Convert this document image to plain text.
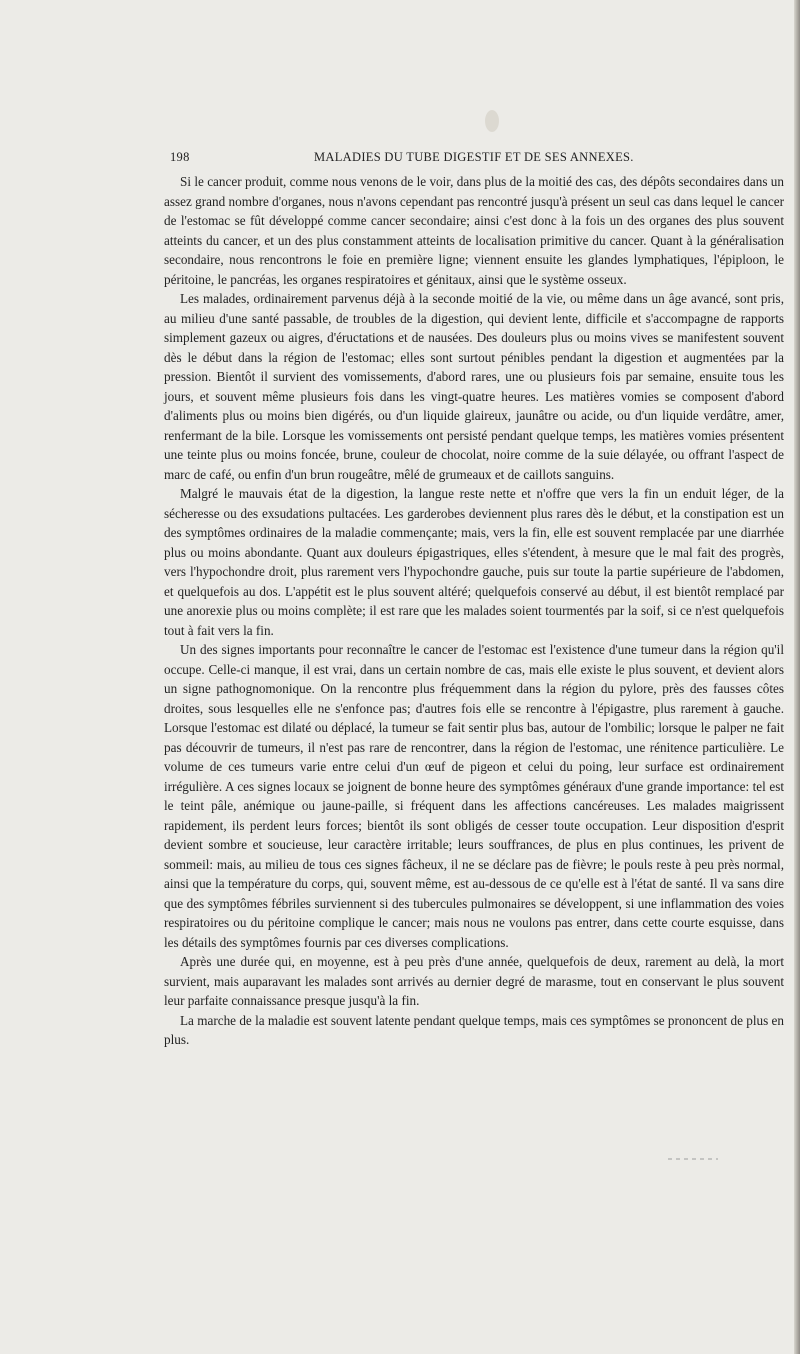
198	MALADIES DU TUBE DIGESTIF ET DE SES ANNEXES.

Si le cancer produit, comme nous venons de le voir, dans plus de la moitié des cas, des dépôts secondaires dans un assez grand nombre d'organes, nous n'avons cependant pas rencontré jusqu'à présent un seul cas dans lequel le cancer de l'estomac se fût développé comme cancer secondaire; ainsi c'est donc à la fois un des organes des plus souvent atteints du cancer, et un des plus constamment atteints de localisation primitive du cancer. Quant à la généralisation secondaire, nous rencontrons le foie en première ligne; viennent ensuite les glandes lymphatiques, l'épiploon, le péritoine, le pancréas, les organes respiratoires et génitaux, ainsi que le système osseux.

Les malades, ordinairement parvenus déjà à la seconde moitié de la vie, ou même dans un âge avancé, sont pris, au milieu d'une santé passable, de troubles de la digestion, qui devient lente, difficile et s'accompagne de rapports simplement gazeux ou aigres, d'éructations et de nausées. Des douleurs plus ou moins vives se manifestent souvent dès le début dans la région de l'estomac; elles sont surtout pénibles pendant la digestion et augmentées par la pression. Bientôt il survient des vomissements, d'abord rares, une ou plusieurs fois par semaine, ensuite tous les jours, et souvent même plusieurs fois dans les vingt-quatre heures. Les matières vomies se composent d'abord d'aliments plus ou moins bien digérés, ou d'un liquide glaireux, jaunâtre ou acide, ou d'un liquide verdâtre, amer, renfermant de la bile. Lorsque les vomissements ont persisté pendant quelque temps, les matières vomies présentent une teinte plus ou moins foncée, brune, couleur de chocolat, noire comme de la suie délayée, ou offrant l'aspect de marc de café, ou enfin d'un brun rougeâtre, mêlé de grumeaux et de caillots sanguins.

Malgré le mauvais état de la digestion, la langue reste nette et n'offre que vers la fin un enduit léger, de la sécheresse ou des exsudations pultacées. Les garderobes deviennent plus rares dès le début, et la constipation est un des symptômes ordinaires de la maladie commençante; mais, vers la fin, elle est souvent remplacée par une diarrhée plus ou moins abondante. Quant aux douleurs épigastriques, elles s'étendent, à mesure que le mal fait des progrès, vers l'hypochondre droit, plus rarement vers l'hypochondre gauche, puis sur toute la partie supérieure de l'abdomen, et quelquefois au dos. L'appétit est le plus souvent altéré; quelquefois conservé au début, il est bientôt remplacé par une anorexie plus ou moins complète; il est rare que les malades soient tourmentés par la soif, si ce n'est quelquefois tout à fait vers la fin.

Un des signes importants pour reconnaître le cancer de l'estomac est l'existence d'une tumeur dans la région qu'il occupe. Celle-ci manque, il est vrai, dans un certain nombre de cas, mais elle existe le plus souvent, et devient alors un signe pathognomonique. On la rencontre plus fréquemment dans la région du pylore, près des fausses côtes droites, sous lesquelles elle ne s'enfonce pas; d'autres fois elle se rencontre à l'épigastre, plus rarement à gauche. Lorsque l'estomac est dilaté ou déplacé, la tumeur se fait sentir plus bas, autour de l'ombilic; lorsque le palper ne fait pas découvrir de tumeurs, il n'est pas rare de rencontrer, dans la région de l'estomac, une rénitence particulière. Le volume de ces tumeurs varie entre celui d'un œuf de pigeon et celui du poing, leur surface est ordinairement irrégulière. A ces signes locaux se joignent de bonne heure des symptômes généraux d'une grande importance: tel est le teint pâle, anémique ou jaune-paille, si fréquent dans les affections cancéreuses. Les malades maigrissent rapidement, ils perdent leurs forces; bientôt ils sont obligés de cesser toute occupation. Leur disposition d'esprit devient sombre et soucieuse, leur caractère irritable; leurs souffrances, de plus en plus continues, les privent de sommeil: mais, au milieu de tous ces signes fâcheux, il ne se déclare pas de fièvre; le pouls reste à peu près normal, ainsi que la température du corps, qui, souvent même, est au-dessous de ce qu'elle est à l'état de santé. Il va sans dire que des symptômes fébriles surviennent si des tubercules pulmonaires se développent, si une inflammation des voies respiratoires ou du péritoine complique le cancer; mais nous ne voulons pas entrer, dans cette courte esquisse, dans les détails des symptômes fournis par ces diverses complications.

Après une durée qui, en moyenne, est à peu près d'une année, quelquefois de deux, rarement au delà, la mort survient, mais auparavant les malades sont arrivés au dernier degré de marasme, tout en conservant le plus souvent leur parfaite connaissance presque jusqu'à la fin.

La marche de la maladie est souvent latente pendant quelque temps, mais ces symptômes se prononcent de plus en plus.
